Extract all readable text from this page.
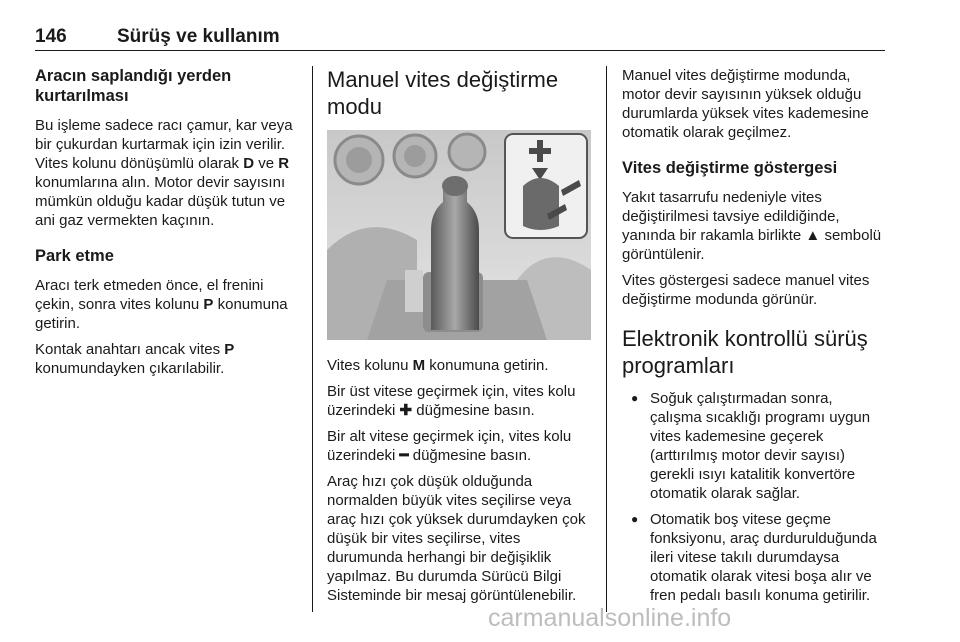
146	Sürüş ve kullanım
Aracın saplandığı yerden kurtarılması

Bu işleme sadece racı çamur, kar veya bir çukurdan kurtarmak için izin verilir. Vites kolunu dönüşümlü olarak D ve R konumlarına alın. Motor devir sayısını mümkün olduğu kadar düşük tutun ve ani gaz vermekten kaçının.

Park etme

Aracı terk etmeden önce, el frenini çekin, sonra vites kolunu P konumuna getirin.

Kontak anahtarı ancak vites P konumundayken çıkarılabilir.

Manuel vites değiştirme modu

Vites kolunu M konumuna getirin.

Bir üst vitese geçirmek için, vites kolu üzerindeki ✚ düğmesine basın.

Bir alt vitese geçirmek için, vites kolu üzerindeki ━ düğmesine basın.

Araç hızı çok düşük olduğunda normalden büyük vites seçilirse veya araç hızı çok yüksek durumdayken çok düşük bir vites seçilirse, vites durumunda herhangi bir değişiklik yapılmaz. Bu durumda Sürücü Bilgi Sisteminde bir mesaj görüntülenebilir.

Manuel vites değiştirme modunda, motor devir sayısının yüksek olduğu durumlarda yüksek vites kademesine otomatik olarak geçilmez.

Vites değiştirme göstergesi

Yakıt tasarrufu nedeniyle vites değiştirilmesi tavsiye edildiğinde, yanında bir rakamla birlikte ▲ sembolü görüntülenir.

Vites göstergesi sadece manuel vites değiştirme modunda görünür.

Elektronik kontrollü sürüş programları
● Soğuk çalıştırmadan sonra, çalışma sıcaklığı programı uygun vites kademesine geçerek (arttırılmış motor devir sayısı) gerekli ısıyı katalitik konvertöre otomatik olarak sağlar.
● Otomatik boş vitese geçme fonksiyonu, araç durdurulduğunda ileri vitese takılı durumdaysa otomatik olarak vitesi boşa alır ve fren pedalı basılı konuma getirilir.
carmanualsonline.info
